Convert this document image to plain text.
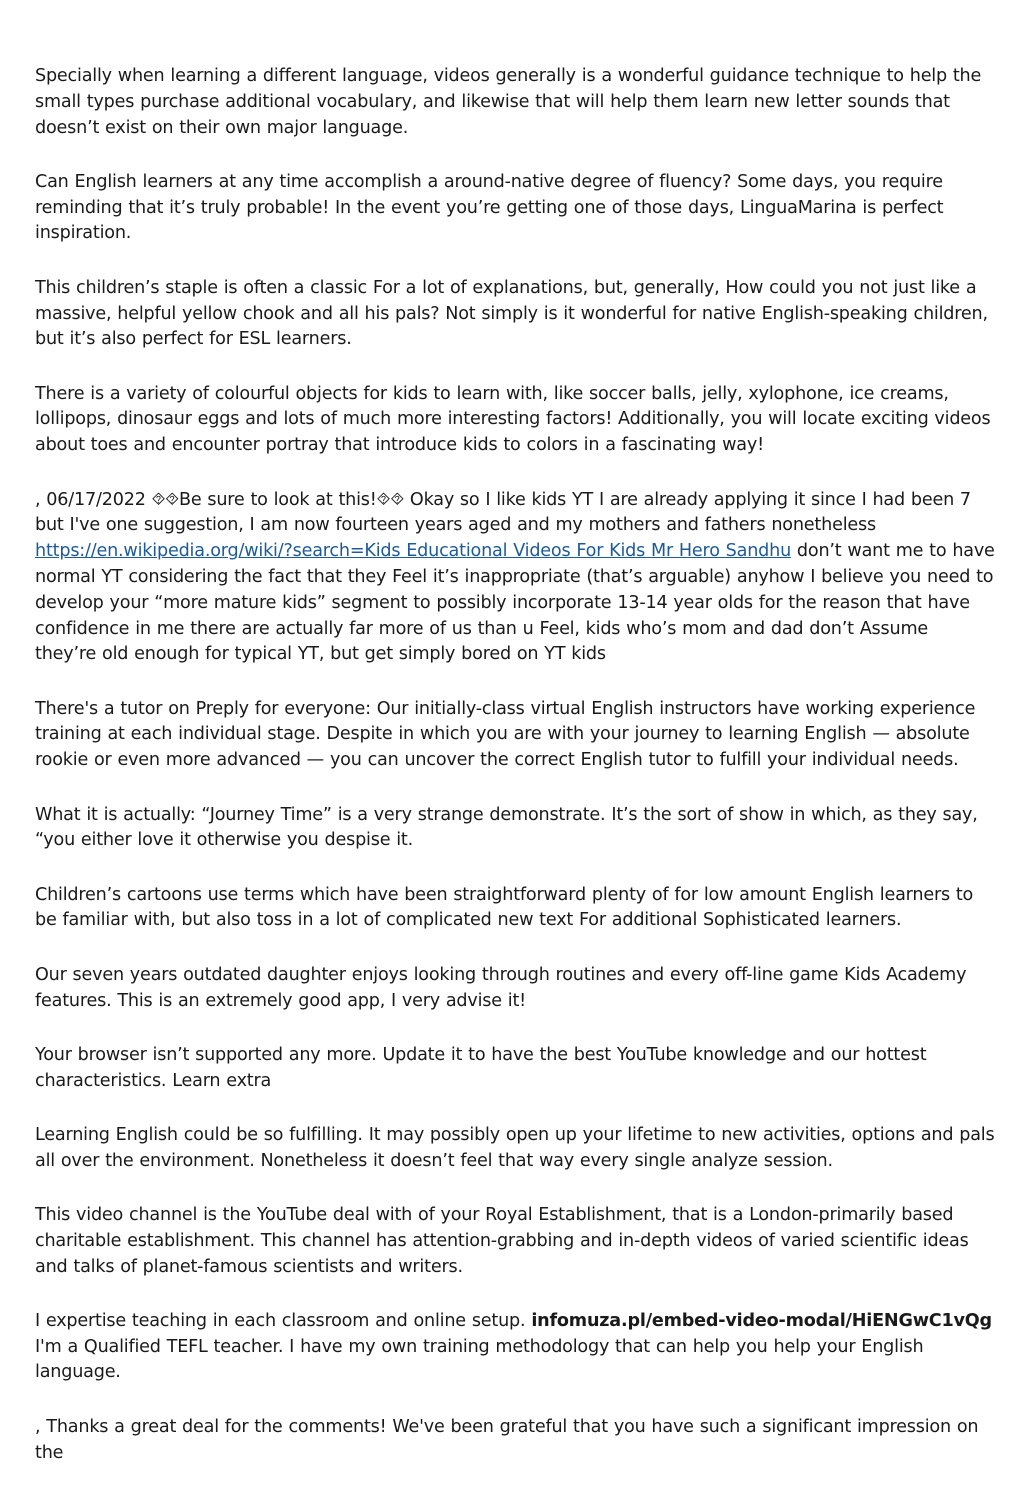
Specially when learning a different language, videos generally is a wonderful guidance technique to help the small types purchase additional vocabulary, and likewise that will help them learn new letter sounds that doesn’t exist on their own major language.

Can English learners at any time accomplish a around-native degree of fluency? Some days, you require reminding that it’s truly probable! In the event you’re getting one of those days, LinguaMarina is perfect inspiration.

This children’s staple is often a classic For a lot of explanations, but, generally, How could you not just like a massive, helpful yellow chook and all his pals? Not simply is it wonderful for native English-speaking children, but it’s also perfect for ESL learners.

There is a variety of colourful objects for kids to learn with, like soccer balls, jelly, xylophone, ice creams, lollipops, dinosaur eggs and lots of much more interesting factors! Additionally, you will locate exciting videos about toes and encounter portray that introduce kids to colors in a fascinating way!

, 06/17/2022 ⯑⯑Be sure to look at this!⯑⯑ Okay so I like kids YT I are already applying it since I had been 7 but I've one suggestion, I am now fourteen years aged and my mothers and fathers nonetheless https://en.wikipedia.org/wiki/?search=Kids Educational Videos For Kids Mr Hero Sandhu don’t want me to have normal YT considering the fact that they Feel it’s inappropriate (that’s arguable) anyhow I believe you need to develop your “more mature kids” segment to possibly incorporate 13-14 year olds for the reason that have confidence in me there are actually far more of us than u Feel, kids who’s mom and dad don’t Assume they’re old enough for typical YT, but get simply bored on YT kids

There's a tutor on Preply for everyone: Our initially-class virtual English instructors have working experience training at each individual stage. Despite in which you are with your journey to learning English — absolute rookie or even more advanced — you can uncover the correct English tutor to fulfill your individual needs.

What it is actually: “Journey Time” is a very strange demonstrate. It’s the sort of show in which, as they say, “you either love it otherwise you despise it.

Children’s cartoons use terms which have been straightforward plenty of for low amount English learners to be familiar with, but also toss in a lot of complicated new text For additional Sophisticated learners.

Our seven years outdated daughter enjoys looking through routines and every off-line game Kids Academy features. This is an extremely good app, I very advise it!

Your browser isn’t supported any more. Update it to have the best YouTube knowledge and our hottest characteristics. Learn extra

Learning English could be so fulfilling. It may possibly open up your lifetime to new activities, options and pals all over the environment. Nonetheless it doesn’t feel that way every single analyze session.

This video channel is the YouTube deal with of your Royal Establishment, that is a London-primarily based charitable establishment. This channel has attention-grabbing and in-depth videos of varied scientific ideas and talks of planet-famous scientists and writers.

I expertise teaching in each classroom and online setup. infomuza.pl/embed-video-modal/HiENGwC1vQg I'm a Qualified TEFL teacher. I have my own training methodology that can help you help your English language.

, Thanks a great deal for the comments! We've been grateful that you have such a significant impression on the
